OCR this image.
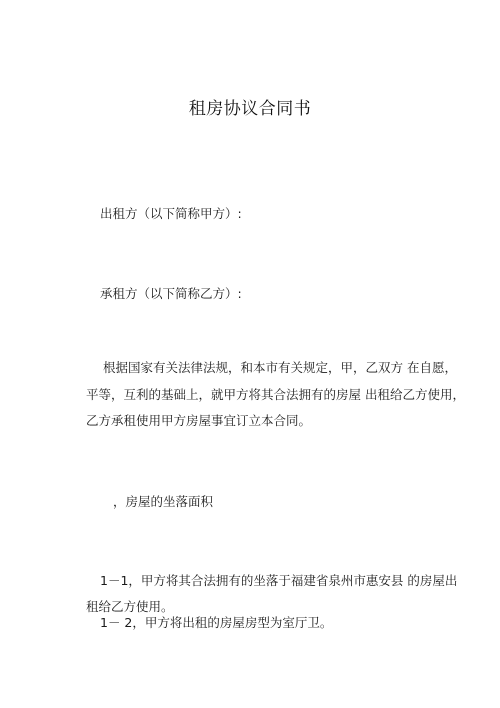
租房协议合同书
出租方（以下简称甲方）:
承租方（以下简称乙方）:
根据国家有关法律法规，和本市有关规定，甲，乙双方 在自愿，
平等，互利的基础上，就甲方将其合法拥有的房屋 出租给乙方使用，
乙方承租使用甲方房屋事宜订立本合同。
，房屋的坐落面积
1－1，甲方将其合法拥有的坐落于福建省泉州市惠安县 的房屋出
租给乙方使用。
1－ 2，甲方将出租的房屋房型为室厅卫。
